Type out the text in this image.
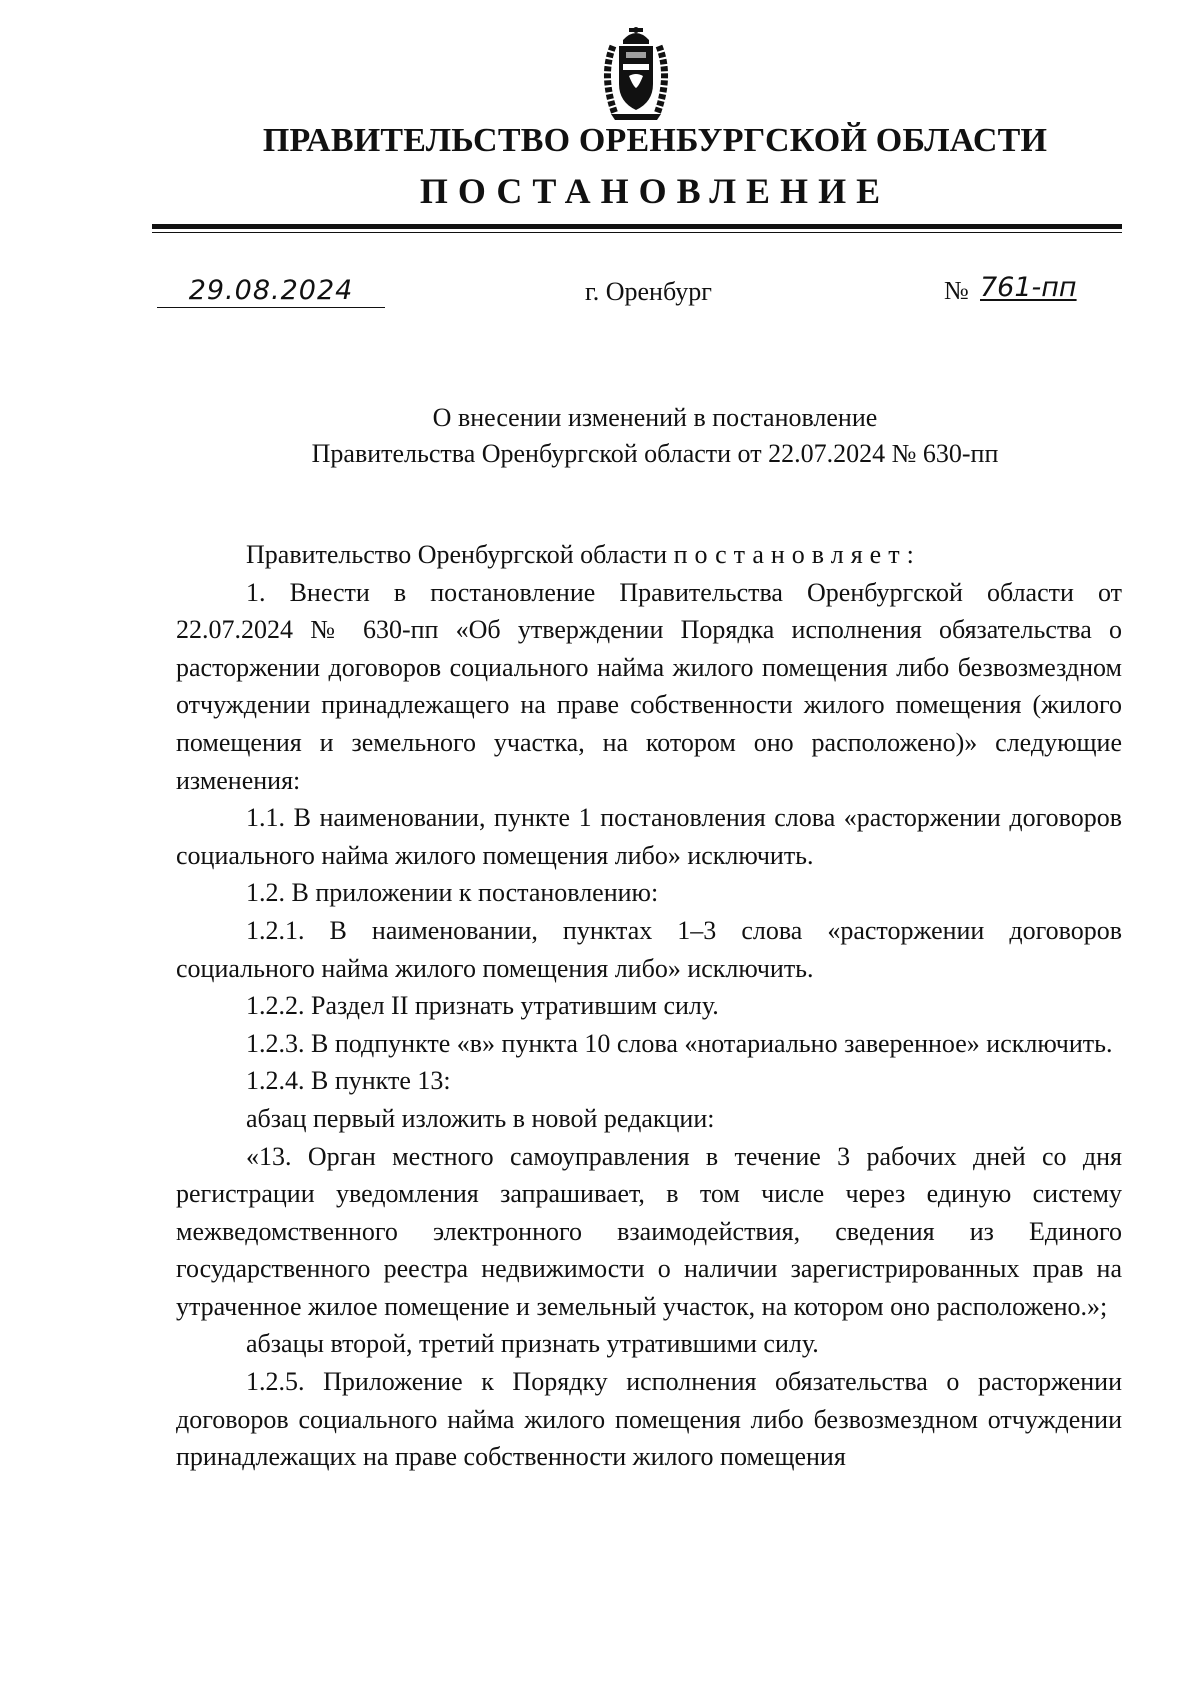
ПРАВИТЕЛЬСТВО ОРЕНБУРГСКОЙ ОБЛАСТИ
ПОСТАНОВЛЕНИЕ
29.08.2024	г. Оренбург	№ 761-пп
О внесении изменений в постановление
Правительства Оренбургской области от 22.07.2024 № 630-пп

Правительство Оренбургской области постановляет:

1. Внести в постановление Правительства Оренбургской области от 22.07.2024 № 630-пп «Об утверждении Порядка исполнения обязательства о расторжении договоров социального найма жилого помещения либо безвозмездном отчуждении принадлежащего на праве собственности жилого помещения (жилого помещения и земельного участка, на котором оно расположено)» следующие изменения:

1.1. В наименовании, пункте 1 постановления слова «расторжении договоров социального найма жилого помещения либо» исключить.

1.2. В приложении к постановлению:

1.2.1. В наименовании, пунктах 1–3 слова «расторжении договоров социального найма жилого помещения либо» исключить.

1.2.2. Раздел II признать утратившим силу.

1.2.3. В подпункте «в» пункта 10 слова «нотариально заверенное» исключить.

1.2.4. В пункте 13:

абзац первый изложить в новой редакции:

«13. Орган местного самоуправления в течение 3 рабочих дней со дня регистрации уведомления запрашивает, в том числе через единую систему межведомственного электронного взаимодействия, сведения из Единого государственного реестра недвижимости о наличии зарегистрированных прав на утраченное жилое помещение и земельный участок, на котором оно расположено.»;

абзацы второй, третий признать утратившими силу.

1.2.5. Приложение к Порядку исполнения обязательства о расторжении договоров социального найма жилого помещения либо безвозмездном отчуждении принадлежащих на праве собственности жилого помещения
